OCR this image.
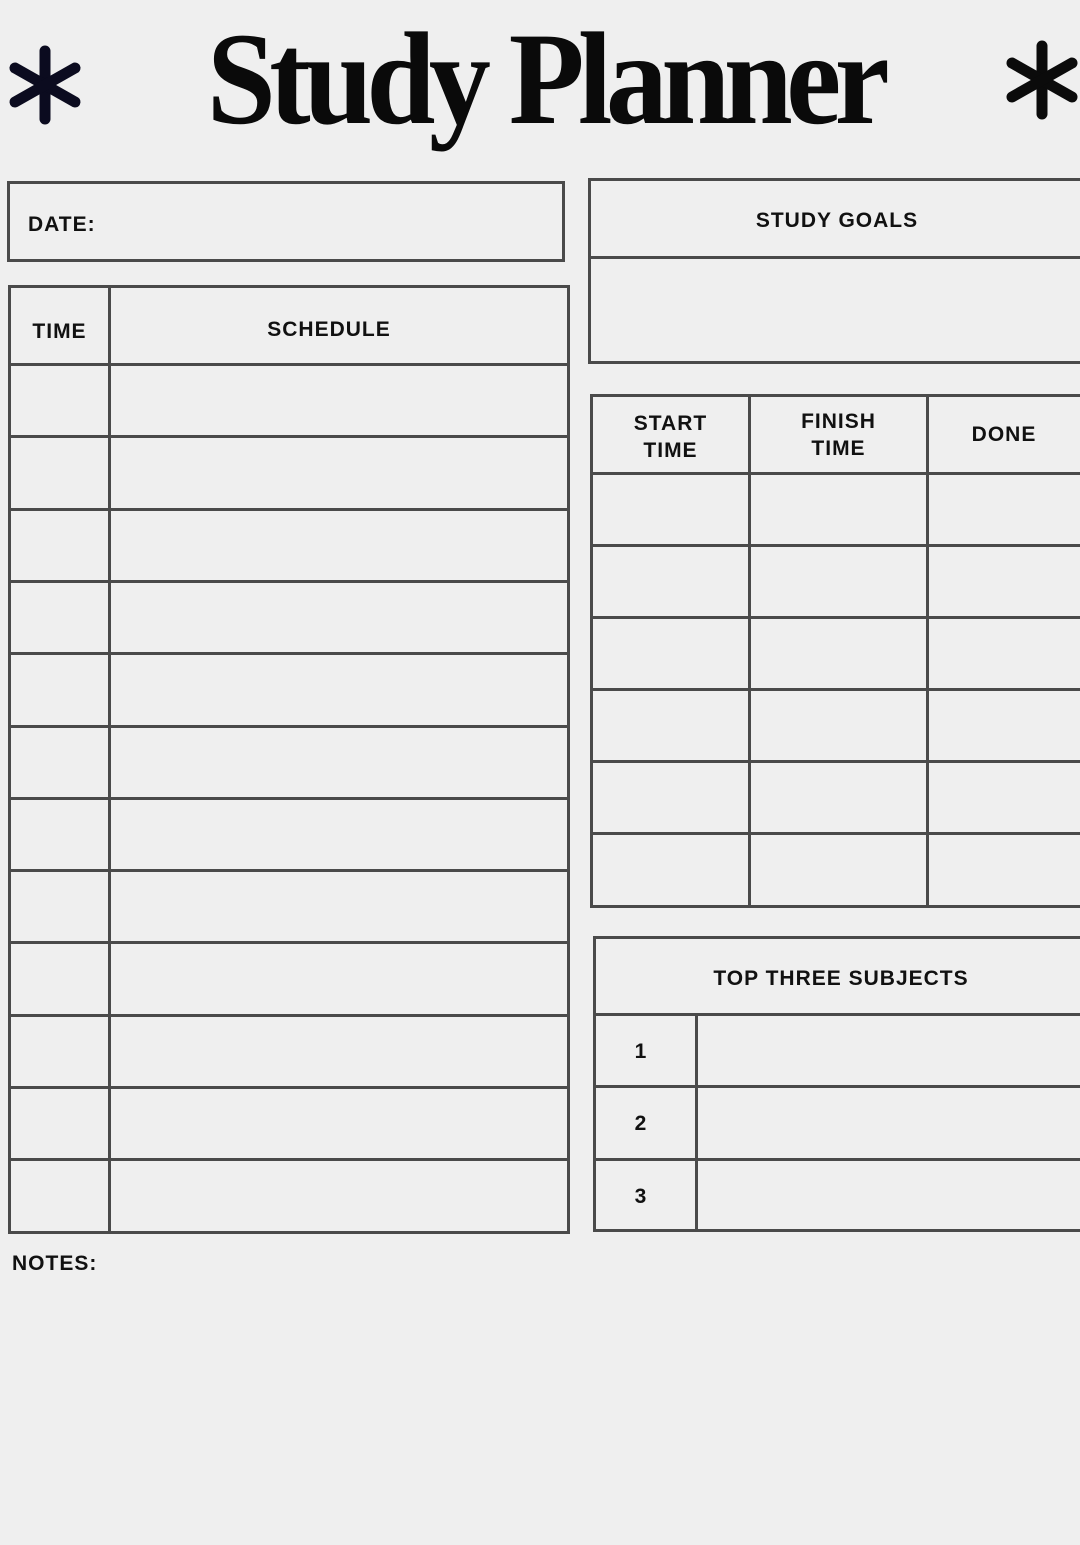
Study Planner
DATE:
TIME	SCHEDULE
STUDY GOALS
START
TIME
FINISH
TIME
DONE
TOP THREE SUBJECTS
1
2
3
NOTES:
